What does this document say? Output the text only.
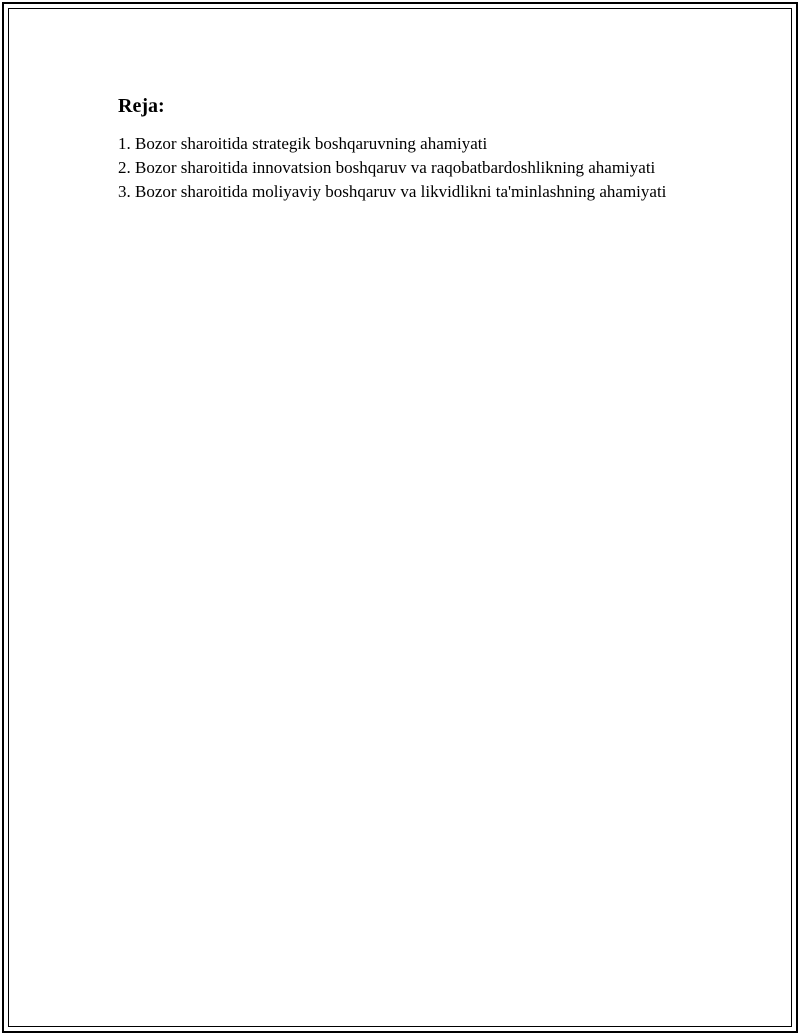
Reja:
1. Bozor sharoitida strategik boshqaruvning ahamiyati
2. Bozor sharoitida innovatsion boshqaruv va raqobatbardoshlikning ahamiyati
3. Bozor sharoitida moliyaviy boshqaruv va likvidlikni ta'minlashning ahamiyati
